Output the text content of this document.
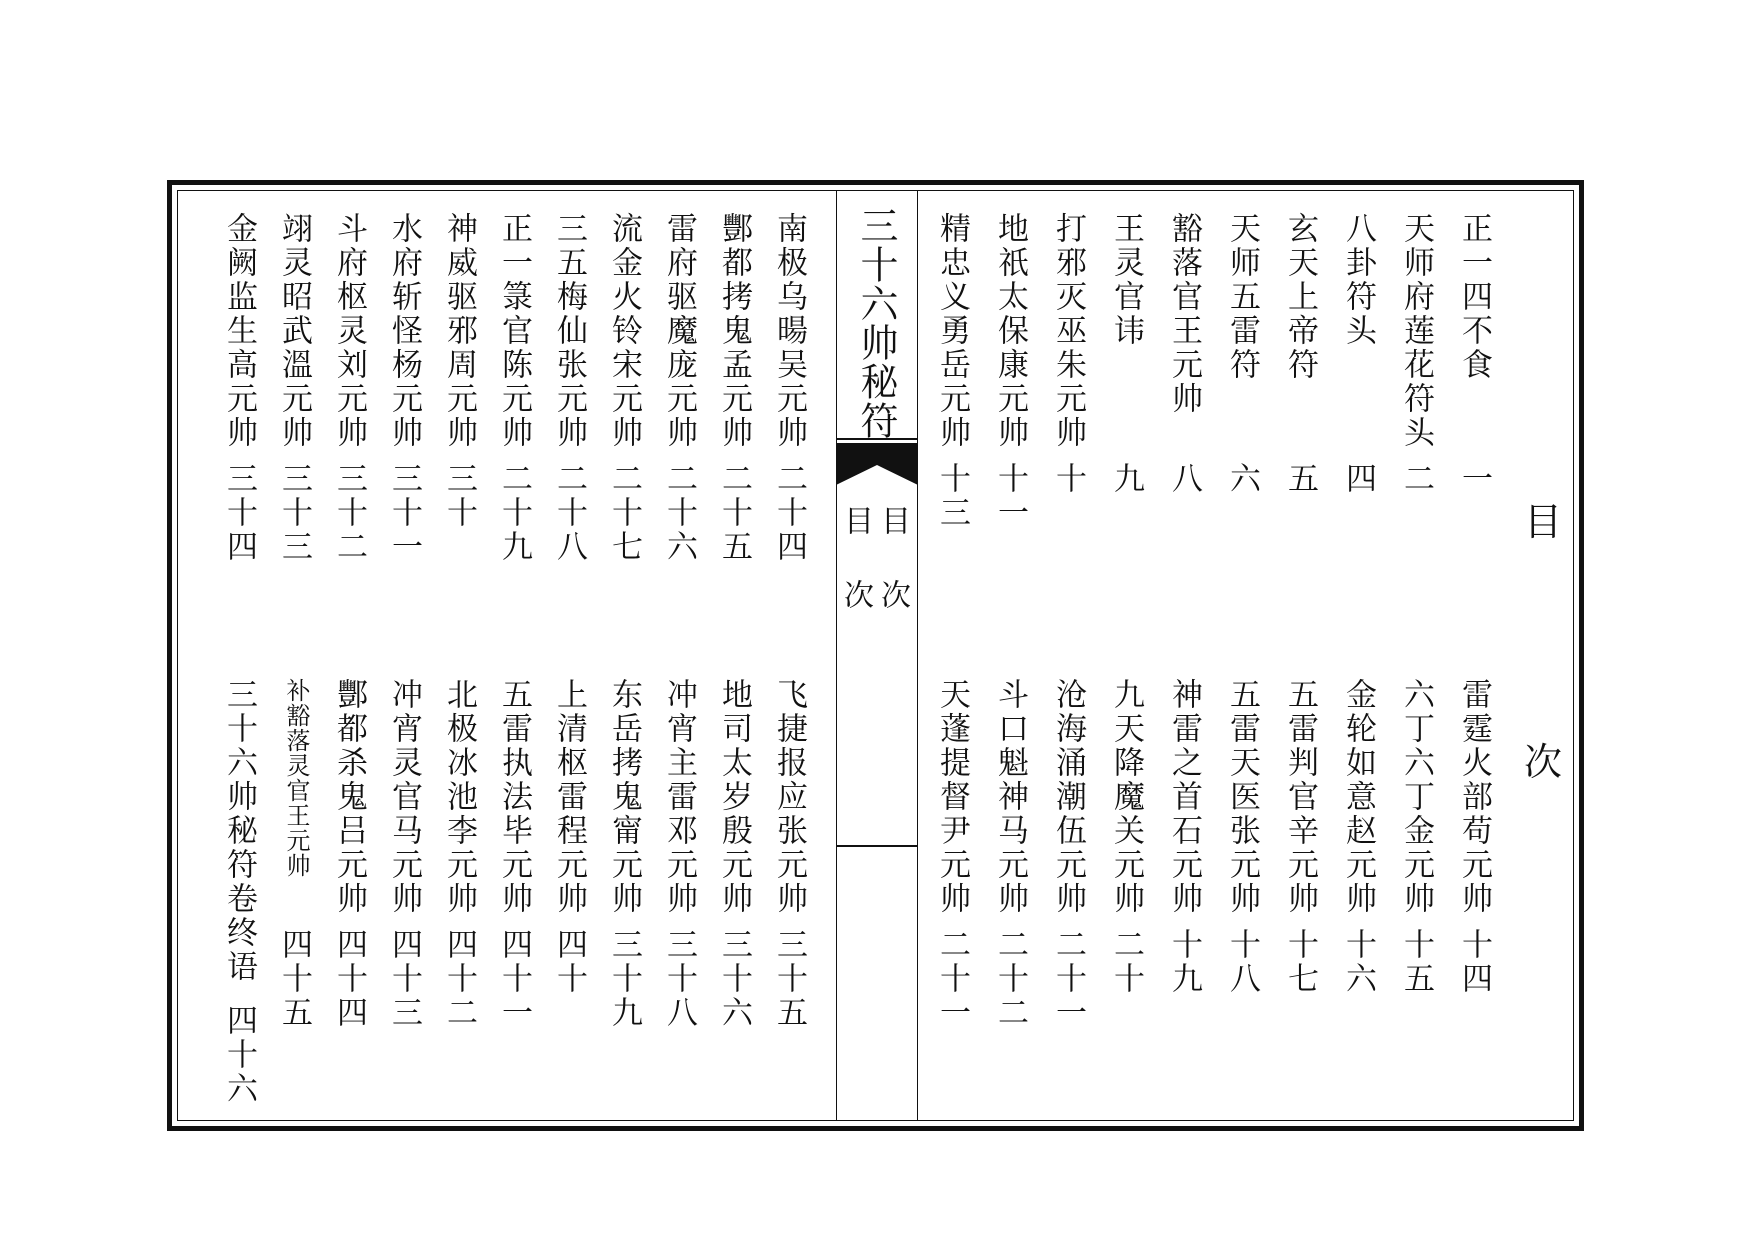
三十六帅秘符
目次
目次	目
次
正一四不食
一
天师府莲花符头
二
八卦符头
四
玄天上帝符
五
天师五雷符
六
豁落官王元帅
八
王灵官讳
九
打邪灭巫朱元帅
十
地祇太保康元帅
十一
精忠义勇岳元帅
十三
雷霆火部苟元帅
十四
六丁六丁金元帅
十五
金轮如意赵元帅
十六
五雷判官辛元帅
十七
五雷天医张元帅
十八
神雷之首石元帅
十九
九天降魔关元帅
二十
沧海涌潮伍元帅
二十一
斗口魁神马元帅
二十二
天蓬提督尹元帅
二十一
南极乌暘吴元帅
二十四
酆都拷鬼孟元帅
二十五
雷府驱魔庞元帅
二十六
流金火铃宋元帅
二十七
三五梅仙张元帅
二十八
正一箓官陈元帅
二十九
神威驱邪周元帅
三十
水府斩怪杨元帅
三十一
斗府枢灵刘元帅
三十二
翊灵昭武溫元帅
三十三
金阙监生高元帅
三十四
飞捷报应张元帅
三十五
地司太岁殷元帅
三十六
冲宵主雷邓元帅
三十八
东岳拷鬼甯元帅
三十九
上清枢雷程元帅
四十
五雷执法毕元帅
四十一
北极冰池李元帅
四十二
冲宵灵官马元帅
四十三
酆都杀鬼吕元帅
四十四
补豁落灵官王元帅
四十五
三十六帅秘符卷终语
四十六
